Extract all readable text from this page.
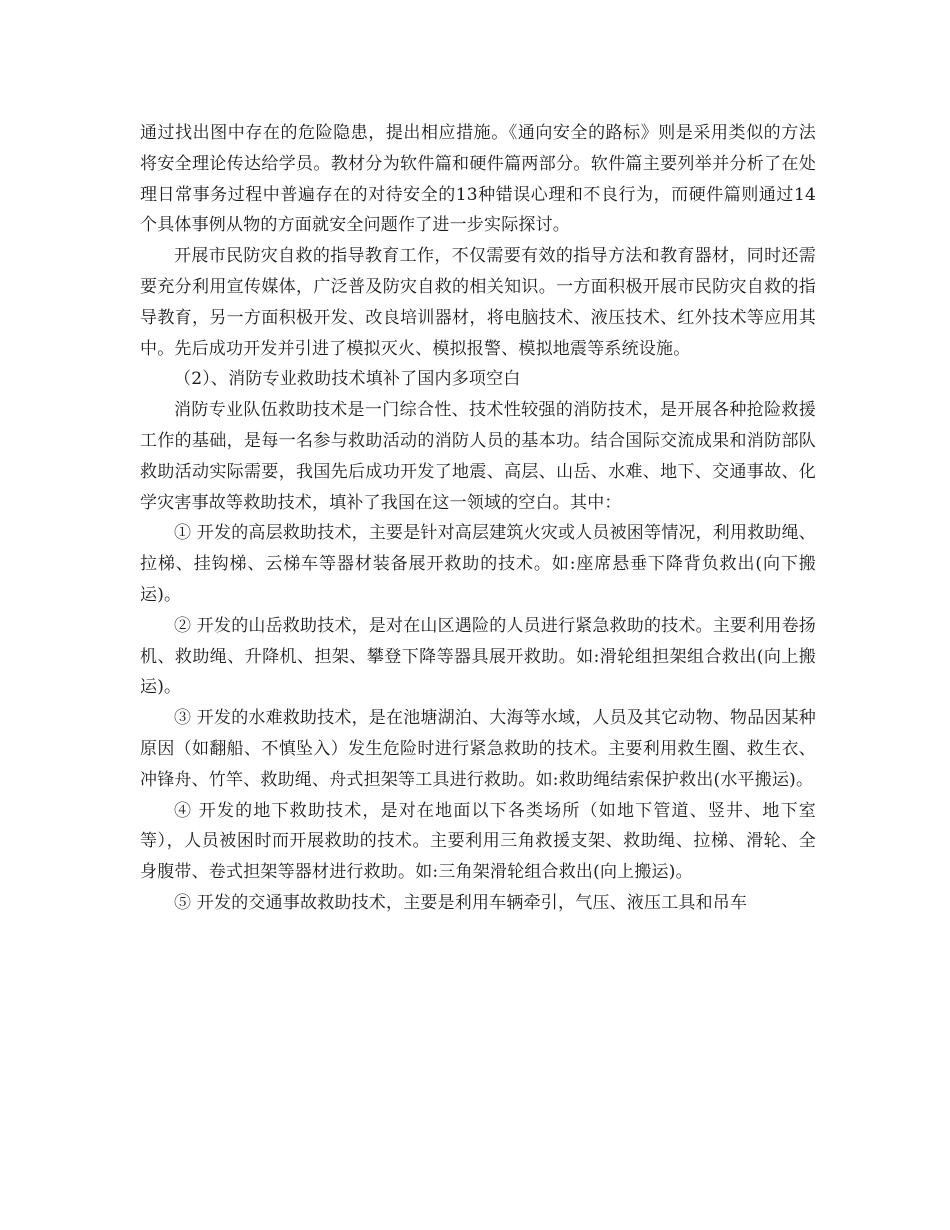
通过找出图中存在的危险隐患，提出相应措施。《通向安全的路标》则是采用类似的方法将安全理论传达给学员。教材分为软件篇和硬件篇两部分。软件篇主要列举并分析了在处理日常事务过程中普遍存在的对待安全的13种错误心理和不良行为，而硬件篇则通过14个具体事例从物的方面就安全问题作了进一步实际探讨。

开展市民防灾自救的指导教育工作，不仅需要有效的指导方法和教育器材，同时还需要充分利用宣传媒体，广泛普及防灾自救的相关知识。一方面积极开展市民防灾自救的指导教育，另一方面积极开发、改良培训器材，将电脑技术、液压技术、红外技术等应用其中。先后成功开发并引进了模拟灭火、模拟报警、模拟地震等系统设施。

（2）、消防专业救助技术填补了国内多项空白

消防专业队伍救助技术是一门综合性、技术性较强的消防技术，是开展各种抢险救援工作的基础，是每一名参与救助活动的消防人员的基本功。结合国际交流成果和消防部队救助活动实际需要，我国先后成功开发了地震、高层、山岳、水难、地下、交通事故、化学灾害事故等救助技术，填补了我国在这一领域的空白。其中：

① 开发的高层救助技术，主要是针对高层建筑火灾或人员被困等情况，利用救助绳、拉梯、挂钩梯、云梯车等器材装备展开救助的技术。如:座席悬垂下降背负救出(向下搬运)。

② 开发的山岳救助技术，是对在山区遇险的人员进行紧急救助的技术。主要利用卷扬机、救助绳、升降机、担架、攀登下降等器具展开救助。如:滑轮组担架组合救出(向上搬运)。

③ 开发的水难救助技术，是在池塘湖泊、大海等水域，人员及其它动物、物品因某种原因（如翻船、不慎坠入）发生危险时进行紧急救助的技术。主要利用救生圈、救生衣、冲锋舟、竹竿、救助绳、舟式担架等工具进行救助。如:救助绳结索保护救出(水平搬运)。

④ 开发的地下救助技术，是对在地面以下各类场所（如地下管道、竖井、地下室等），人员被困时而开展救助的技术。主要利用三角救援支架、救助绳、拉梯、滑轮、全身腹带、卷式担架等器材进行救助。如:三角架滑轮组合救出(向上搬运)。

⑤ 开发的交通事故救助技术，主要是利用车辆牵引，气压、液压工具和吊车
